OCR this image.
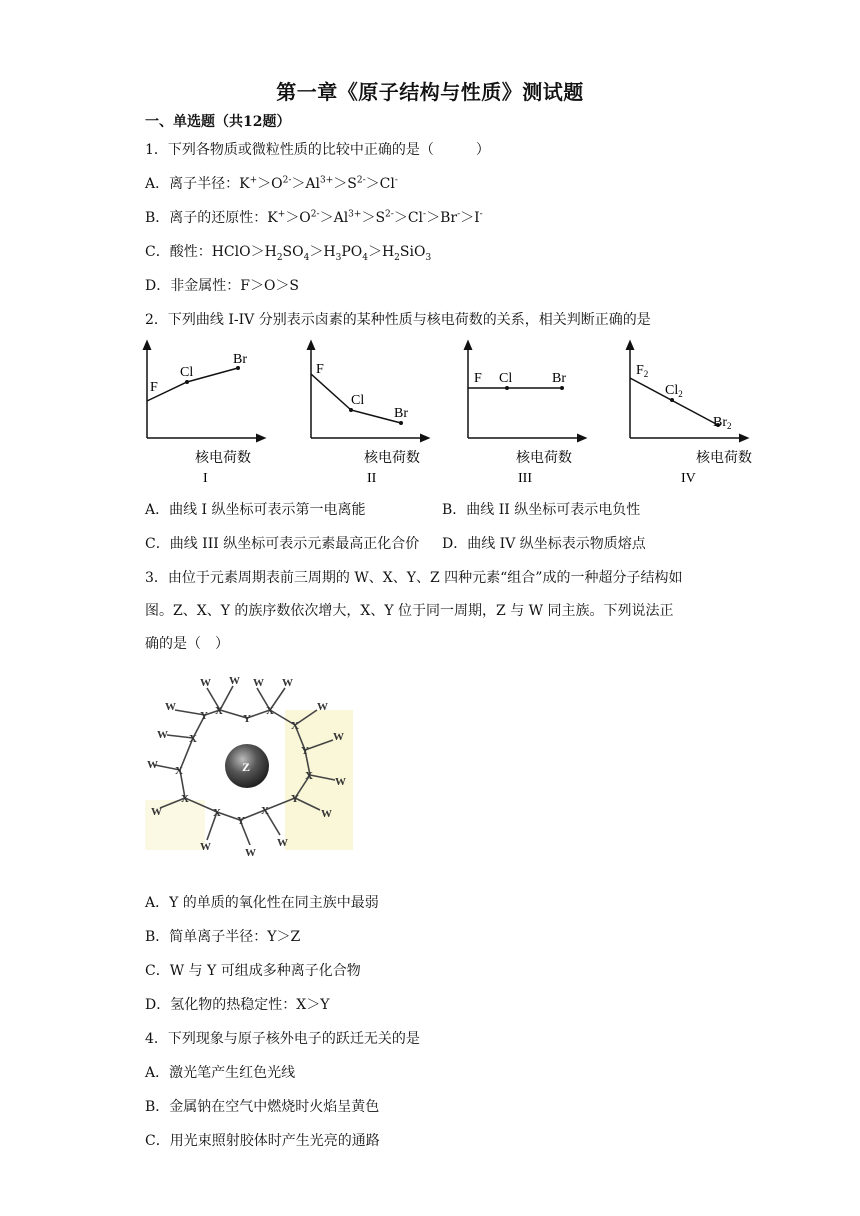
第一章《原子结构与性质》测试题
一、单选题（共12题）
1．下列各物质或微粒性质的比较中正确的是（　　　）
A．离子半径：$K^+>O^{2-}>Al^{3+}>S^{2-}>Cl^-$
B．离子的还原性：$K^+>O^{2-}>Al^{3+}>S^{2-}>Cl^->Br^->I^-$
C．酸性：$HClO>H_2SO_4>H_3PO_4>H_2SiO_3$
D．非金属性：F＞O＞S
2．下列曲线 I-IV 分别表示卤素的某种性质与核电荷数的关系，相关判断正确的是
F
Cl
Br
核电荷数
I
F
Cl
Br
核电荷数
II
F Cl	Br
核电荷数
III
$F_2$
$Cl_2$
$Br_2$
核电荷数
IV
A．曲线 I 纵坐标可表示第一电离能	B．曲线 II 纵坐标可表示电负性
C．曲线 III 纵坐标可表示元素最高正化合价 D．曲线 IV 纵坐标表示物质熔点
3．由位于元素周期表前三周期的 W、X、Y、Z 四种元素“组合”成的一种超分子结构如
图。Z、X、Y 的族序数依次增大，X、Y 位于同一周期，Z 与 W 同主族。下列说法正
确的是（　）
Z
W W W W
W
W
W
W
W	W
W
W
W
W
W
X	X
X
X
X
X	X
X
X
Y
Y
Y
Y
Y
A．Y 的单质的氧化性在同主族中最弱
B．简单离子半径：Y＞Z
C．W 与 Y 可组成多种离子化合物
D．氢化物的热稳定性：X＞Y
4．下列现象与原子核外电子的跃迁无关的是
A．激光笔产生红色光线
B．金属钠在空气中燃烧时火焰呈黄色
C．用光束照射胶体时产生光亮的通路
